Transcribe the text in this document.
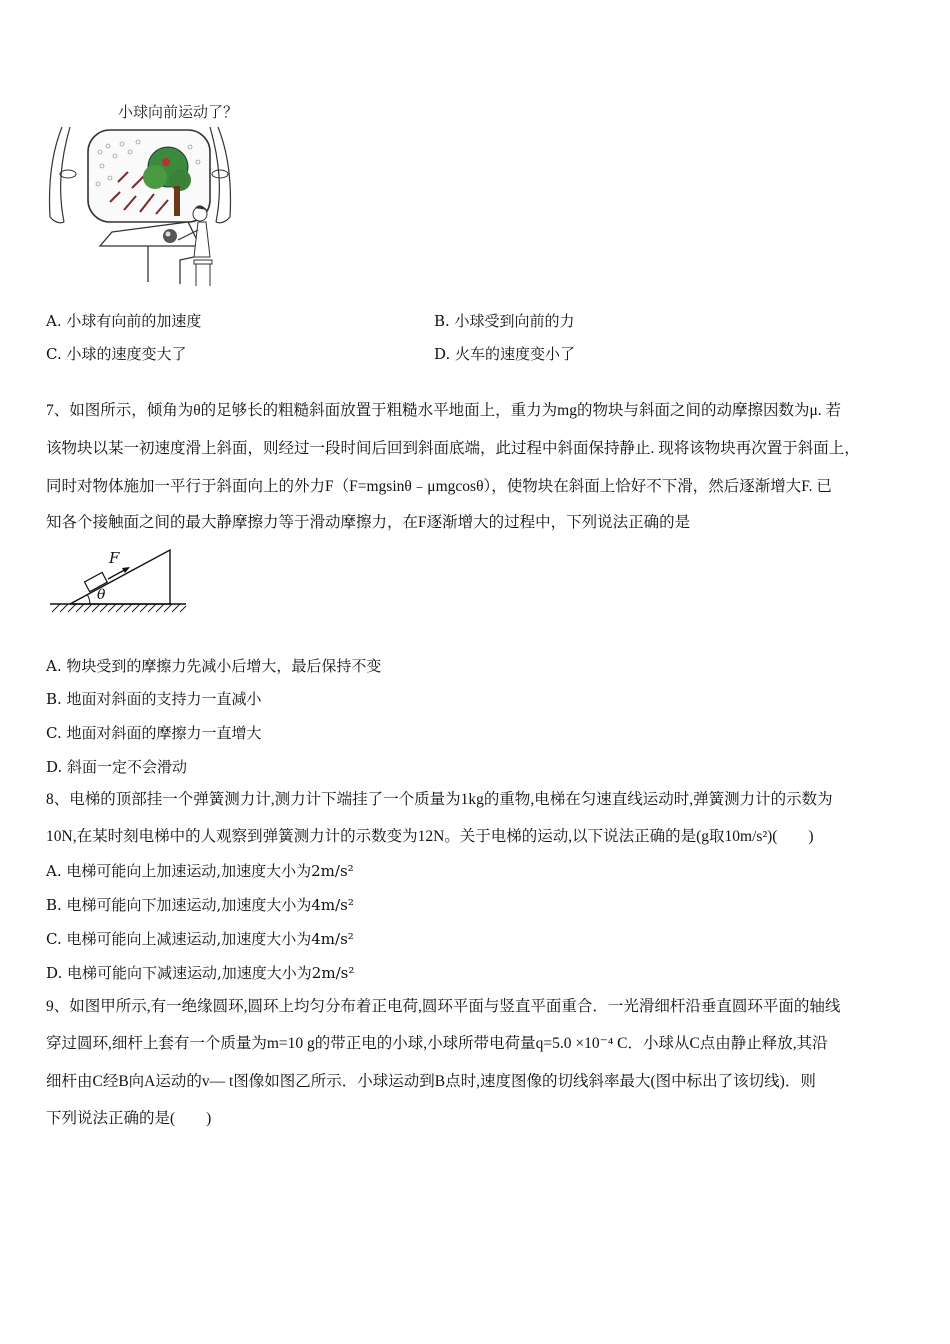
小球向前运动了？
A. 小球有向前的加速度	B. 小球受到向前的力
C. 小球的速度变大了	D. 火车的速度变小了
7、如图所示，倾角为θ的足够长的粗糙斜面放置于粗糙水平地面上，重力为mg的物块与斜面之间的动摩擦因数为μ. 若
该物块以某一初速度滑上斜面，则经过一段时间后回到斜面底端，此过程中斜面保持静止. 现将该物块再次置于斜面上，
同时对物体施加一平行于斜面向上的外力F（F=mgsinθ﹣μmgcosθ），使物块在斜面上恰好不下滑，然后逐渐增大F. 已
知各个接触面之间的最大静摩擦力等于滑动摩擦力，在F逐渐增大的过程中，下列说法正确的是
F
θ
A. 物块受到的摩擦力先减小后增大，最后保持不变
B. 地面对斜面的支持力一直减小
C. 地面对斜面的摩擦力一直增大
D. 斜面一定不会滑动
8、电梯的顶部挂一个弹簧测力计,测力计下端挂了一个质量为1kg的重物,电梯在匀速直线运动时,弹簧测力计的示数为
10N,在某时刻电梯中的人观察到弹簧测力计的示数变为12N。关于电梯的运动,以下说法正确的是(g取10m/s²)(　　)
A. 电梯可能向上加速运动,加速度大小为2m/s²
B. 电梯可能向下加速运动,加速度大小为4m/s²
C. 电梯可能向上减速运动,加速度大小为4m/s²
D. 电梯可能向下减速运动,加速度大小为2m/s²
9、如图甲所示,有一绝缘圆环,圆环上均匀分布着正电荷,圆环平面与竖直平面重合．一光滑细杆沿垂直圆环平面的轴线
穿过圆环,细杆上套有一个质量为m=10 g的带正电的小球,小球所带电荷量q=5.0 ×10⁻⁴ C．小球从C点由静止释放,其沿
细杆由C经B向A运动的v— t图像如图乙所示．小球运动到B点时,速度图像的切线斜率最大(图中标出了该切线)．则
下列说法正确的是(　　)
